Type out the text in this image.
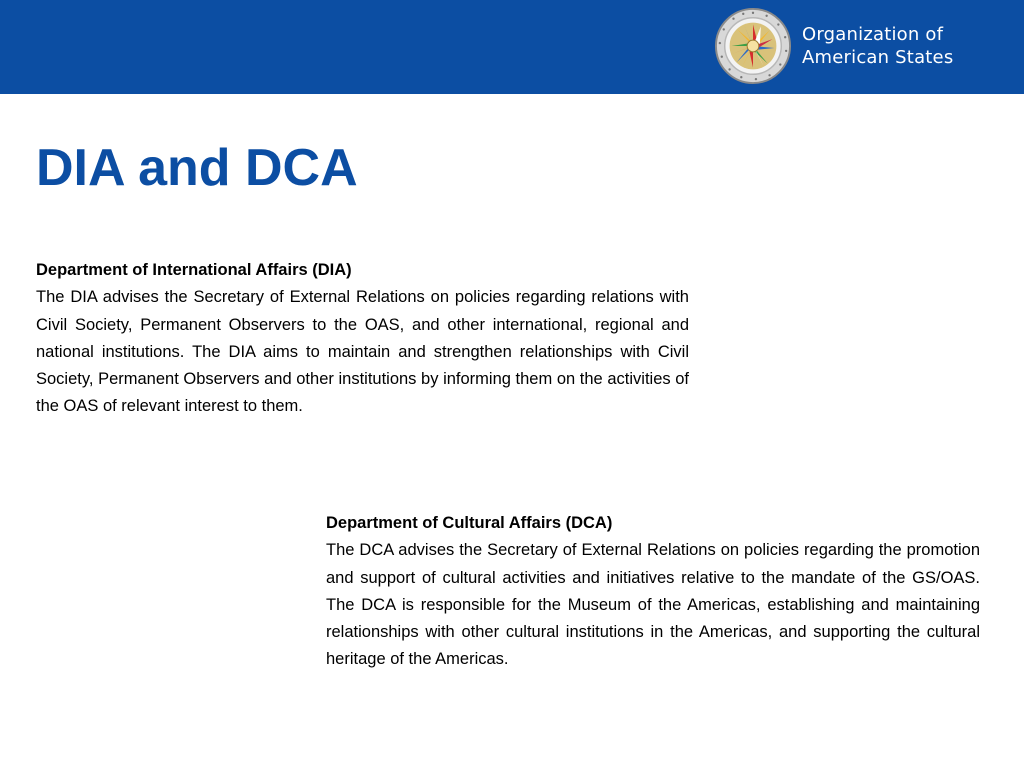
Organization of
American States
DIA and DCA
Department of International Affairs (DIA)

The DIA advises the Secretary of External Relations on policies regarding relations with Civil Society, Permanent Observers to the OAS, and other international, regional and national institutions. The DIA aims to maintain and strengthen relationships with Civil Society, Permanent Observers and other institutions by informing them on the activities of the OAS of relevant interest to them.

Department of Cultural Affairs (DCA)

The DCA advises the Secretary of External Relations on policies regarding the promotion and support of cultural activities and initiatives relative to the mandate of the GS/OAS. The DCA is responsible for the Museum of the Americas, establishing and maintaining relationships with other cultural institutions in the Americas, and supporting the cultural heritage of the Americas.
